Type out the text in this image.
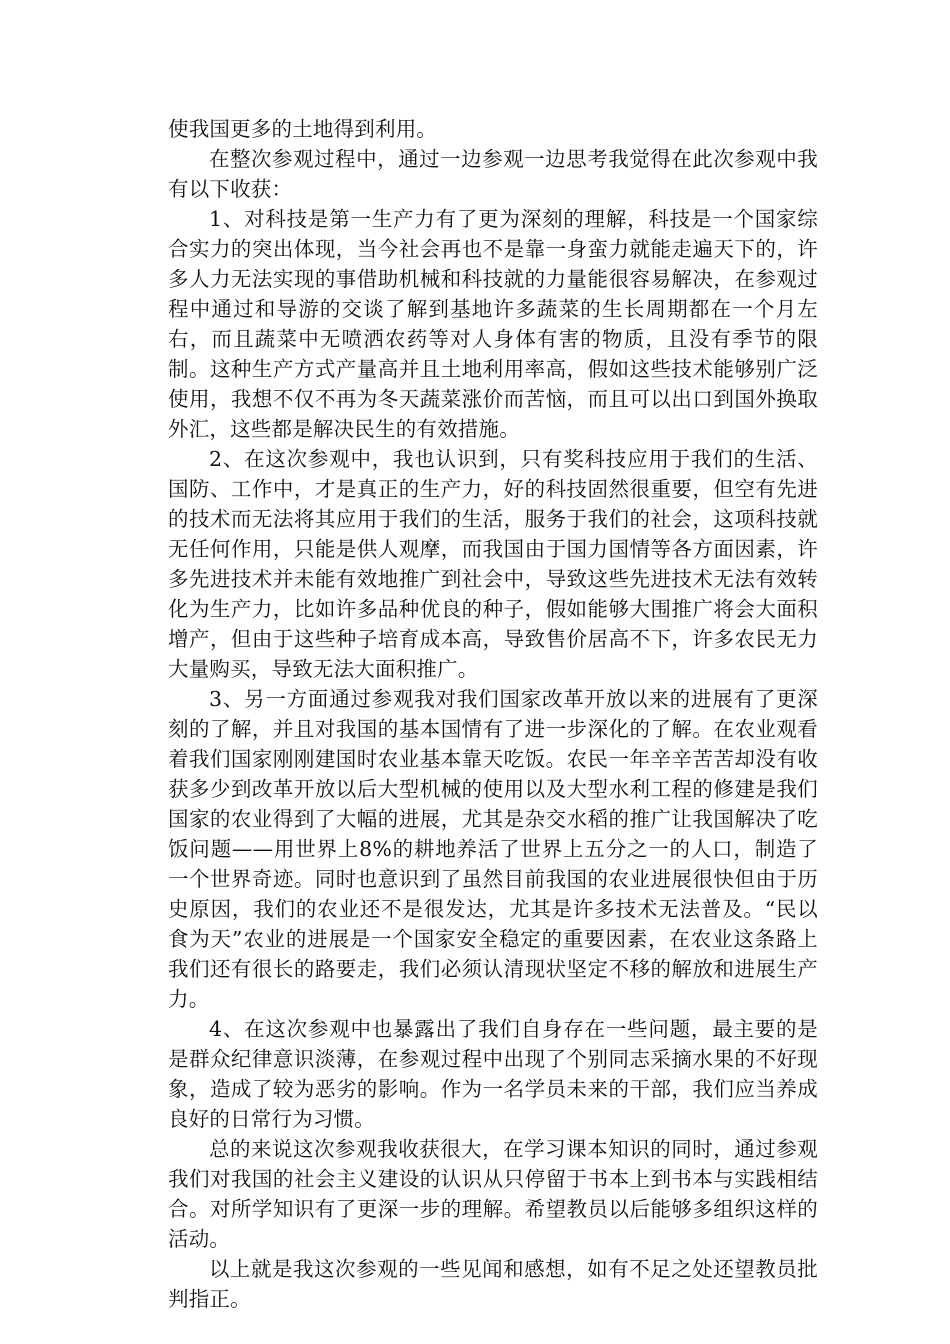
使我国更多的土地得到利用。

在整次参观过程中，通过一边参观一边思考我觉得在此次参观中我有以下收获：

1、对科技是第一生产力有了更为深刻的理解，科技是一个国家综合实力的突出体现，当今社会再也不是靠一身蛮力就能走遍天下的，许多人力无法实现的事借助机械和科技就的力量能很容易解决，在参观过程中通过和导游的交谈了解到基地许多蔬菜的生长周期都在一个月左右，而且蔬菜中无喷洒农药等对人身体有害的物质，且没有季节的限制。这种生产方式产量高并且土地利用率高，假如这些技术能够别广泛使用，我想不仅不再为冬天蔬菜涨价而苦恼，而且可以出口到国外换取外汇，这些都是解决民生的有效措施。

2、在这次参观中，我也认识到，只有奖科技应用于我们的生活、国防、工作中，才是真正的生产力，好的科技固然很重要，但空有先进的技术而无法将其应用于我们的生活，服务于我们的社会，这项科技就无任何作用，只能是供人观摩，而我国由于国力国情等各方面因素，许多先进技术并未能有效地推广到社会中，导致这些先进技术无法有效转化为生产力，比如许多品种优良的种子，假如能够大围推广将会大面积增产，但由于这些种子培育成本高，导致售价居高不下，许多农民无力大量购买，导致无法大面积推广。

3、另一方面通过参观我对我们国家改革开放以来的进展有了更深刻的了解，并且对我国的基本国情有了进一步深化的了解。在农业观看着我们国家刚刚建国时农业基本靠天吃饭。农民一年辛辛苦苦却没有收获多少到改革开放以后大型机械的使用以及大型水利工程的修建是我们国家的农业得到了大幅的进展，尤其是杂交水稻的推广让我国解决了吃饭问题——用世界上8%的耕地养活了世界上五分之一的人口，制造了一个世界奇迹。同时也意识到了虽然目前我国的农业进展很快但由于历史原因，我们的农业还不是很发达，尤其是许多技术无法普及。“民以食为天”农业的进展是一个国家安全稳定的重要因素，在农业这条路上我们还有很长的路要走，我们必须认清现状坚定不移的解放和进展生产力。

4、在这次参观中也暴露出了我们自身存在一些问题，最主要的是是群众纪律意识淡薄，在参观过程中出现了个别同志采摘水果的不好现象，造成了较为恶劣的影响。作为一名学员未来的干部，我们应当养成良好的日常行为习惯。

总的来说这次参观我收获很大，在学习课本知识的同时，通过参观我们对我国的社会主义建设的认识从只停留于书本上到书本与实践相结合。对所学知识有了更深一步的理解。希望教员以后能够多组织这样的活动。

以上就是我这次参观的一些见闻和感想，如有不足之处还望教员批判指正。
